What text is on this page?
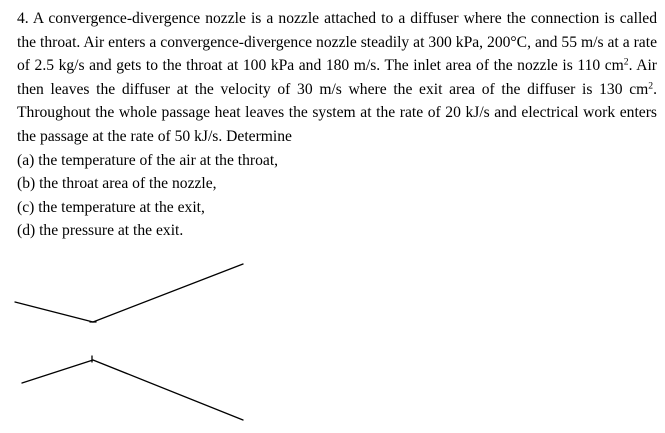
4. A convergence-divergence nozzle is a nozzle attached to a diffuser where the connection is called the throat. Air enters a convergence-divergence nozzle steadily at 300 kPa, 200°C, and 55 m/s at a rate of 2.5 kg/s and gets to the throat at 100 kPa and 180 m/s. The inlet area of the nozzle is 110 $cm^2$. Air then leaves the diffuser at the velocity of 30 m/s where the exit area of the diffuser is 130 $cm^2$. Throughout the whole passage heat leaves the system at the rate of 20 kJ/s and electrical work enters the passage at the rate of 50 kJ/s. Determine

(a) the temperature of the air at the throat,
(b) the throat area of the nozzle,
(c) the temperature at the exit,
(d) the pressure at the exit.
